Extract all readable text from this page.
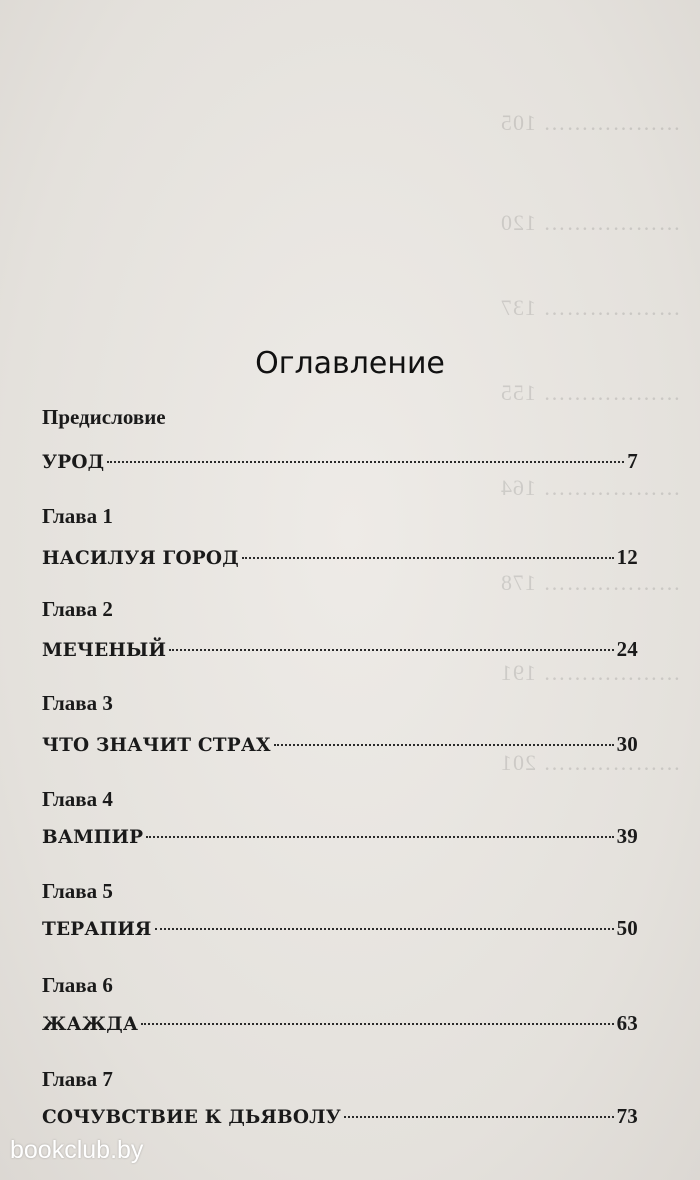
……………… 105
……………… 120
……………… 137
……………… 155
……………… 164
……………… 178
……………… 191
……………… 201
Оглавление
Предисловие
УРОД	7
Глава 1
НАСИЛУЯ ГОРОД	12
Глава 2
МЕЧЕНЫЙ	24
Глава 3
ЧТО ЗНАЧИТ СТРАХ	30
Глава 4
ВАМПИР	39
Глава 5
ТЕРАПИЯ	50
Глава 6
ЖАЖДА	63
Глава 7
СОЧУВСТВИЕ К ДЬЯВОЛУ	73
bookclub.by
